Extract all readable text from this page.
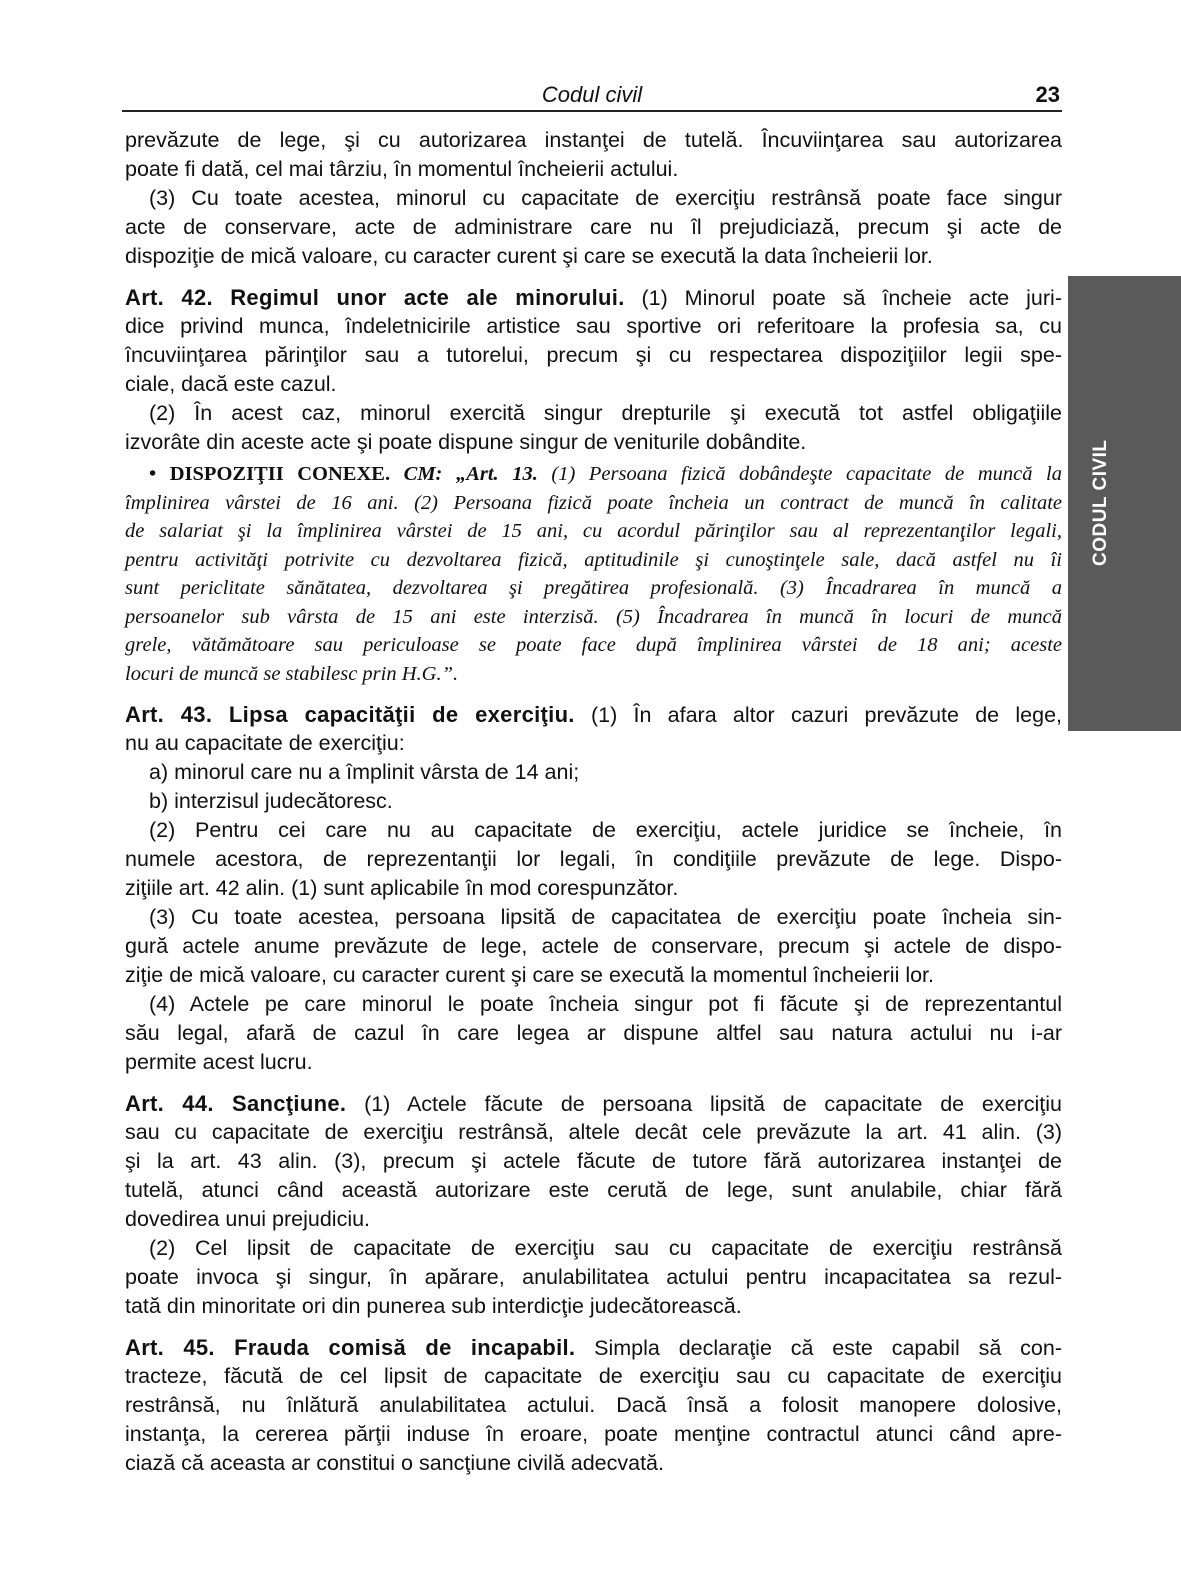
Codul civil	23
CODUL CIVIL
prevăzute de lege, şi cu autorizarea instanţei de tutelă. Încuviinţarea sau autorizarea
poate fi dată, cel mai târziu, în momentul încheierii actului.
(3) Cu toate acestea, minorul cu capacitate de exerciţiu restrânsă poate face singur
acte de conservare, acte de administrare care nu îl prejudiciază, precum şi acte de
dispoziţie de mică valoare, cu caracter curent şi care se execută la data încheierii lor.
Art. 42. Regimul unor acte ale minorului. (1) Minorul poate să încheie acte juri-
dice privind munca, îndeletnicirile artistice sau sportive ori referitoare la profesia sa, cu
încuviinţarea părinţilor sau a tutorelui, precum şi cu respectarea dispoziţiilor legii spe-
ciale, dacă este cazul.
(2) În acest caz, minorul exercită singur drepturile şi execută tot astfel obligaţiile
izvorâte din aceste acte şi poate dispune singur de veniturile dobândite.
• DISPOZIŢII CONEXE. CM: „Art. 13. (1) Persoana fizică dobândeşte capacitate de muncă la
împlinirea vârstei de 16 ani. (2) Persoana fizică poate încheia un contract de muncă în calitate
de salariat şi la împlinirea vârstei de 15 ani, cu acordul părinţilor sau al reprezentanţilor legali,
pentru activităţi potrivite cu dezvoltarea fizică, aptitudinile şi cunoştinţele sale, dacă astfel nu îi
sunt periclitate sănătatea, dezvoltarea şi pregătirea profesională. (3) Încadrarea în muncă a
persoanelor sub vârsta de 15 ani este interzisă. (5) Încadrarea în muncă în locuri de muncă
grele, vătămătoare sau periculoase se poate face după împlinirea vârstei de 18 ani; aceste
locuri de muncă se stabilesc prin H.G.”.
Art. 43. Lipsa capacităţii de exerciţiu. (1) În afara altor cazuri prevăzute de lege,
nu au capacitate de exerciţiu:
a) minorul care nu a împlinit vârsta de 14 ani;
b) interzisul judecătoresc.
(2) Pentru cei care nu au capacitate de exerciţiu, actele juridice se încheie, în
numele acestora, de reprezentanţii lor legali, în condiţiile prevăzute de lege. Dispo-
ziţiile art. 42 alin. (1) sunt aplicabile în mod corespunzător.
(3) Cu toate acestea, persoana lipsită de capacitatea de exerciţiu poate încheia sin-
gură actele anume prevăzute de lege, actele de conservare, precum şi actele de dispo-
ziţie de mică valoare, cu caracter curent şi care se execută la momentul încheierii lor.
(4) Actele pe care minorul le poate încheia singur pot fi făcute şi de reprezentantul
său legal, afară de cazul în care legea ar dispune altfel sau natura actului nu i-ar
permite acest lucru.
Art. 44. Sancţiune. (1) Actele făcute de persoana lipsită de capacitate de exerciţiu
sau cu capacitate de exerciţiu restrânsă, altele decât cele prevăzute la art. 41 alin. (3)
şi la art. 43 alin. (3), precum şi actele făcute de tutore fără autorizarea instanţei de
tutelă, atunci când această autorizare este cerută de lege, sunt anulabile, chiar fără
dovedirea unui prejudiciu.
(2) Cel lipsit de capacitate de exerciţiu sau cu capacitate de exerciţiu restrânsă
poate invoca şi singur, în apărare, anulabilitatea actului pentru incapacitatea sa rezul-
tată din minoritate ori din punerea sub interdicţie judecătorească.
Art. 45. Frauda comisă de incapabil. Simpla declaraţie că este capabil să con-
tracteze, făcută de cel lipsit de capacitate de exerciţiu sau cu capacitate de exerciţiu
restrânsă, nu înlătură anulabilitatea actului. Dacă însă a folosit manopere dolosive,
instanţa, la cererea părţii induse în eroare, poate menţine contractul atunci când apre-
ciază că aceasta ar constitui o sancţiune civilă adecvată.
